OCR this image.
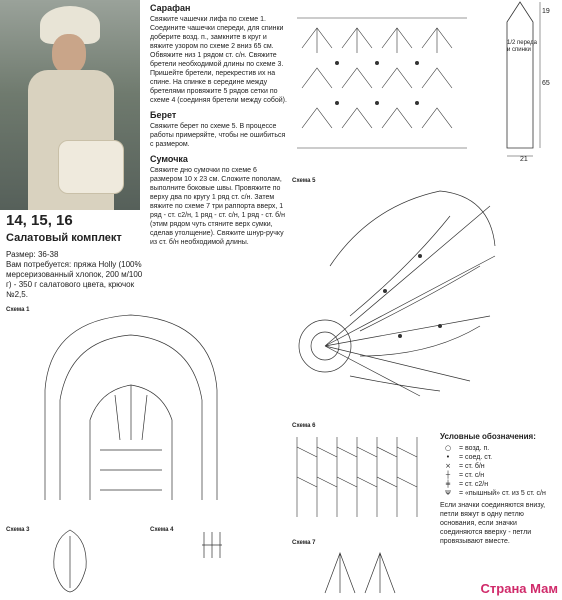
14, 15, 16
Салатовый комплект
Размер: 36-38
Вам потребуется: пряжа Holly (100% мерсеризованный хлопок, 200 м/100 г) - 350 г салатового цвета, крючок №2,5.
Сарафан

Свяжите чашечки лифа по схеме 1. Соедините чашечки спереди, для спинки доберите возд. п., замкните в круг и вяжите узором по схеме 2 вниз 65 см. Обвяжите низ 1 рядом ст. с/н. Свяжите бретели необходимой длины по схеме 3. Пришейте бретели, перекрестив их на спине. На спинке в середине между бретелями провяжите 5 рядов сетки по схеме 4 (соединяя бретели между собой).

Берет

Свяжите берет по схеме 5. В процессе работы примеряйте, чтобы не ошибиться с размером.

Сумочка

Свяжите дно сумочки по схеме 6 размером 10 х 23 см. Сложите пополам, выполните боковые швы. Провяжите по верху два по кругу 1 ряд ст. с/н. Затем вяжите по схеме 7 три раппорта вверх, 1 ряд - ст. с2/н, 1 ряд - ст. с/н, 1 ряд - ст. б/н (этим рядом чуть стяните верх сумки, сделав утолщение). Свяжите шнур-ручку из ст. б/н необходимой длины.

19
65
21
1/2 переда и спинки
Схема 5
Схема 1
Схема 6
Схема 3	Схема 4
Схема 7
Условные обозначения:
○	= возд. п.
•	= соед. ст.
×	= ст. б/н
┼	= ст. с/н
╪	= ст. с2/н
Ψ	= «пышный» ст. из 5 ст. с/н
Если значки соединяются внизу, петли вяжут в одну петлю основания, если значки соединяются вверху - петли провязывают вместе.
Страна Мам
